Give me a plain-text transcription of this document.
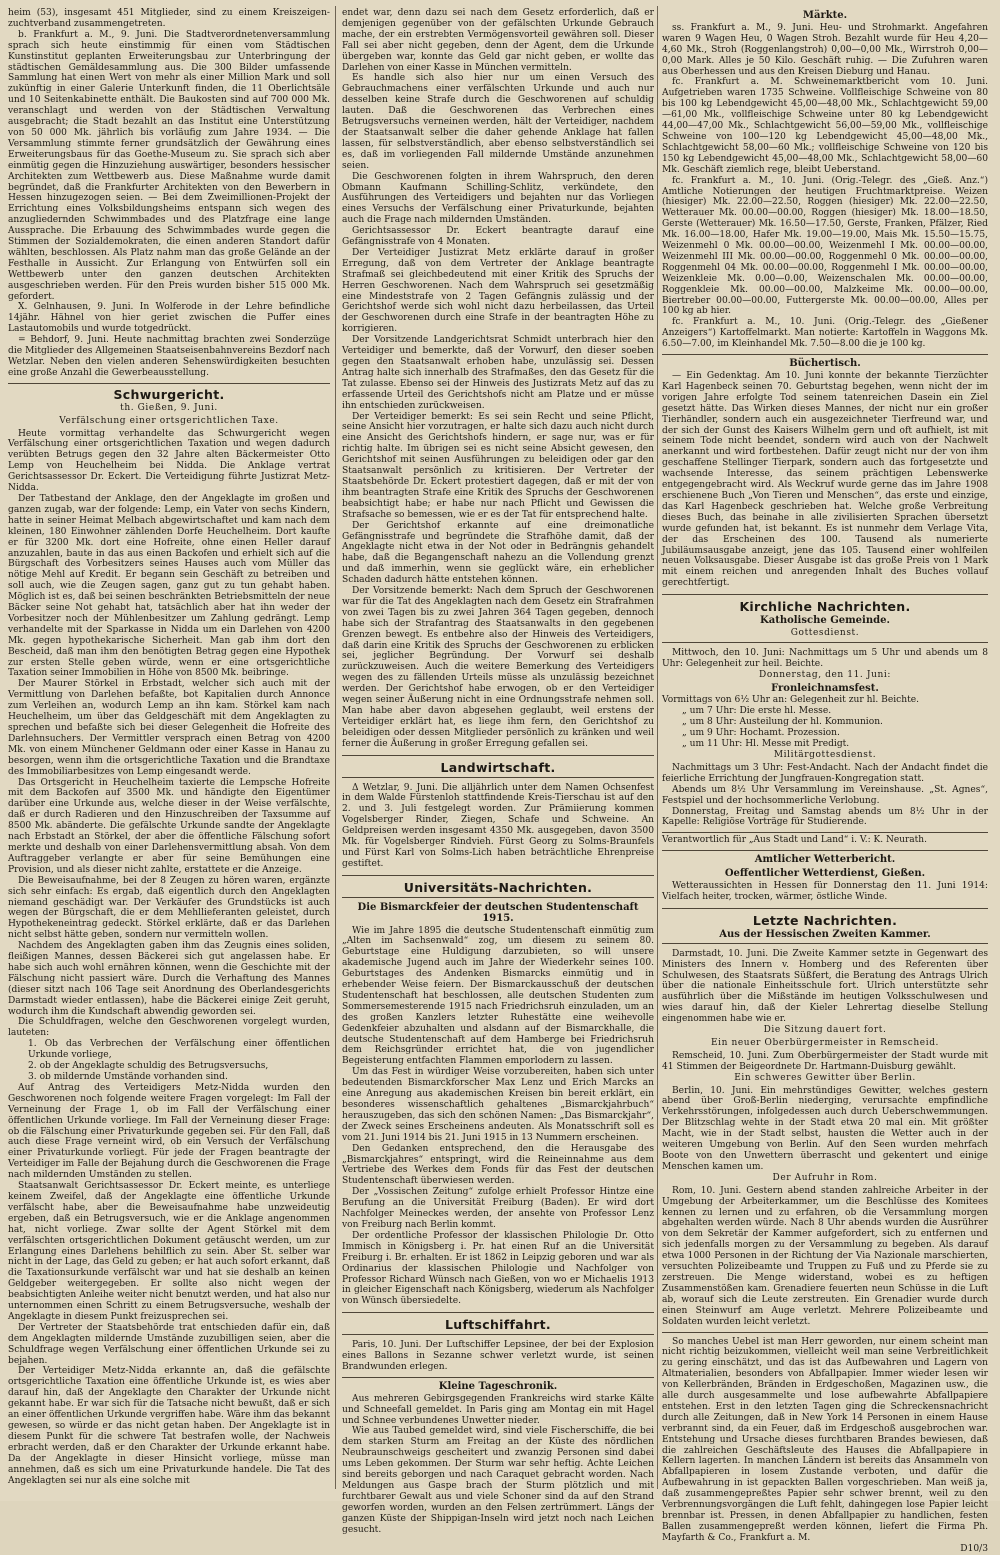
heim (53), insgesamt 451 Mitglieder, sind zu einem Kreiszeigen-zuchtverband zusammengetreten.

b. Frankfurt a. M., 9. Juni. Die Stadtverordnetenversammlung sprach sich heute einstimmig für einen vom Städtischen Kunstinstitut geplanten Erweiterungsbau zur Unterbringung der städtischen Gemäldesammlung aus. Die 300 Bilder umfassende Sammlung hat einen Wert von mehr als einer Million Mark und soll zukünftig in einer Galerie Unterkunft finden, die 11 Oberlichtsäle und 10 Seitenkabinette enthält. Die Baukosten sind auf 700 000 Mk. veranschlagt und werden von der Städtischen Verwaltung ausgebracht; die Stadt bezahlt an das Institut eine Unterstützung von 50 000 Mk. jährlich bis vorläufig zum Jahre 1934. — Die Versammlung stimmte ferner grundsätzlich der Gewährung eines Erweiterungsbaus für das Goethe-Museum zu. Sie sprach sich aber einmütig gegen die Hinzuziehung auswärtiger, besonders hessischer Architekten zum Wettbewerb aus. Diese Maßnahme wurde damit begründet, daß die Frankfurter Architekten von den Bewerbern in Hessen hinzugezogen seien. — Bei dem Zweimillionen-Projekt der Errichtung eines Volksbildungsheims entspann sich wegen des anzugliedernden Schwimmbades und des Platzfrage eine lange Aussprache. Die Erbauung des Schwimmbades wurde gegen die Stimmen der Sozialdemokraten, die einen anderen Standort dafür wählten, beschlossen. Als Platz nahm man das große Gelände an der Festhalle in Aussicht. Zur Erlangung von Entwürfen soll ein Wettbewerb unter den ganzen deutschen Architekten ausgeschrieben werden. Für den Preis wurden bisher 515 000 Mk. gefordert.

X. Gelnhausen, 9. Juni. In Wolferode in der Lehre befindliche 14jähr. Hähnel von hier geriet zwischen die Puffer eines Lastautomobils und wurde totgedrückt.

= Behdorf, 9. Juni. Heute nachmittag brachten zwei Sonderzüge die Mitglieder des Allgemeinen Staatseisenbahnvereins Bezdorf nach Wetzlar. Neben den vielen anderen Sehenswürdigkeiten besuchten eine große Anzahl die Gewerbeausstellung.

Schwurgericht.
th. Gießen, 9. Juni.
Verfälschung einer ortsgerichtlichen Taxe.

Heute vormittag verhandelte das Schwurgericht wegen Verfälschung einer ortsgerichtlichen Taxation und wegen dadurch verübten Betrugs gegen den 32 Jahre alten Bäckermeister Otto Lemp von Heuchelheim bei Nidda. Die Anklage vertrat Gerichtsassessor Dr. Eckert. Die Verteidigung führte Justizrat Metz-Nidda.

Der Tatbestand der Anklage, den der Angeklagte im großen und ganzen zugab, war der folgende: Lemp, ein Vater von sechs Kindern, hatte in seiner Heimat Melbach abgewirtschaftet und kam nach dem kleinen, 180 Einwohner zählenden Dorfe Heuchelheim. Dort kaufte er für 3200 Mk. dort eine Hofreite, ohne einen Heller darauf anzuzahlen, baute in das aus einen Backofen und erhielt sich auf die Bürgschaft des Vorbesitzers seines Hauses auch vom Müller das nötige Mehl auf Kredit. Er begann sein Geschäft zu betreiben und soll auch, wie die Zeugen sagen, ganz gut zu tun gehabt haben. Möglich ist es, daß bei seinen beschränkten Betriebsmitteln der neue Bäcker seine Not gehabt hat, tatsächlich aber hat ihn weder der Vorbesitzer noch der Mühlenbesitzer um Zahlung gedrängt. Lemp verhandelte mit der Sparkasse in Nidda um ein Darlehen von 4200 Mk. gegen hypothekarische Sicherheit. Man gab ihm dort den Bescheid, daß man ihm den benötigten Betrag gegen eine Hypothek zur ersten Stelle geben würde, wenn er eine ortsgerichtliche Taxation seiner Immobilien in Höhe von 8500 Mk. beibringe.

Der Maurer Störkel in Erbstadt, welcher sich auch mit der Vermittlung von Darlehen befaßte, bot Kapitalien durch Annonce zum Verleihen an, wodurch Lemp an ihn kam. Störkel kam nach Heuchelheim, um über das Geldgeschäft mit dem Angeklagten zu sprechen und befaßte sich bei dieser Gelegenheit die Hofreite des Darlehnsuchers. Der Vermittler versprach einen Betrag von 4200 Mk. von einem Münchener Geldmann oder einer Kasse in Hanau zu besorgen, wenn ihm die ortsgerichtliche Taxation und die Brandtaxe des Immobiliarbesitzes von Lemp eingesandt werde.

Das Ortsgericht in Heuchelheim taxierte die Lempsche Hofreite mit dem Backofen auf 3500 Mk. und händigte den Eigentümer darüber eine Urkunde aus, welche dieser in der Weise verfälschte, daß er durch Radieren und den Hinzuschreiben der Taxsumme auf 8500 Mk. abänderte. Die gefälschte Urkunde sandte der Angeklagte nach Erbstadt an Störkel, der aber die öffentliche Fälschung sofort merkte und deshalb von einer Darlehensvermittlung absah. Von dem Auftraggeber verlangte er aber für seine Bemühungen eine Provision, und als dieser nicht zahlte, erstattete er die Anzeige.

Die Beweisaufnahme, bei der 8 Zeugen zu hören waren, ergänzte sich sehr einfach: Es ergab, daß eigentlich durch den Angeklagten niemand geschädigt war. Der Verkäufer des Grundstücks ist auch wegen der Bürgschaft, die er dem Mehllieferanten geleistet, durch Hypothekeneintrag gedeckt. Störkel erklärte, daß er das Darlehen nicht selbst hätte geben, sondern nur vermitteln wollen.

Nachdem des Angeklagten gaben ihm das Zeugnis eines soliden, fleißigen Mannes, dessen Bäckerei sich gut angelassen habe. Er habe sich auch wohl ernähren können, wenn die Geschichte mit der Fälschung nicht passiert wäre. Durch die Verhaftung des Mannes (dieser sitzt nach 106 Tage seit Anordnung des Oberlandesgerichts Darmstadt wieder entlassen), habe die Bäckerei einige Zeit geruht, wodurch ihm die Kundschaft abwendig geworden sei.

Die Schuldfragen, welche den Geschworenen vorgelegt wurden, lauteten:

1. Ob das Verbrechen der Verfälschung einer öffentlichen Urkunde vorliege,

2. ob der Angeklagte schuldig des Betrugsversuchs,

3. ob mildernde Umstände vorhanden sind.

Auf Antrag des Verteidigers Metz-Nidda wurden den Geschworenen noch folgende weitere Fragen vorgelegt: Im Fall der Verneinung der Frage 1, ob im Fall der Verfälschung einer öffentlichen Urkunde vorliege. Im Fall der Verneinung dieser Frage: ob die Fälschung einer Privaturkunde gegeben sei. Für den Fall, daß auch diese Frage verneint wird, ob ein Versuch der Verfälschung einer Privaturkunde vorliegt. Für jede der Fragen beantragte der Verteidiger im Falle der Bejahung durch die Geschworenen die Frage nach mildernden Umständen zu stellen.

Staatsanwalt Gerichtsassessor Dr. Eckert meinte, es unterliege keinem Zweifel, daß der Angeklagte eine öffentliche Urkunde verfälscht habe, aber die Beweisaufnahme habe unzweideutig ergeben, daß ein Betrugsversuch, wie er die Anklage angenommen hat, nicht vorliege. Zwar sollte der Agent Störkel mit dem verfälschten ortsgerichtlichen Dokument getäuscht werden, um zur Erlangung eines Darlehens behilflich zu sein. Aber St. selber war nicht in der Lage, das Geld zu geben; er hat auch sofort erkannt, daß die Taxationsurkunde verfälscht war und hat sie deshalb an keinen Geldgeber weitergegeben. Er sollte also nicht wegen der beabsichtigten Anleihe weiter nicht benutzt werden, und hat also nur unternommen einen Schritt zu einem Betrugsversuche, weshalb der Angeklagte in diesem Punkt freizusprechen sei.

Der Vertreter der Staatsbehörde trat entschieden dafür ein, daß dem Angeklagten mildernde Umstände zuzubilligen seien, aber die Schuldfrage wegen Verfälschung einer öffentlichen Urkunde sei zu bejahen.

Der Verteidiger Metz-Nidda erkannte an, daß die gefälschte ortsgerichtliche Taxation eine öffentliche Urkunde ist, es wies aber darauf hin, daß der Angeklagte den Charakter der Urkunde nicht gekannt habe. Er war sich für die Tatsache nicht bewußt, daß er sich an einer öffentlichen Urkunde vergriffen habe. Wäre ihm das bekannt gewesen, so würde er das nicht getan haben. Der Angeklagte ist in diesem Punkt für die schwere Tat bestrafen wolle, der Nachweis erbracht werden, daß er den Charakter der Urkunde erkannt habe. Da der Angeklagte in dieser Hinsicht vorliege, müsse man annehmen, daß es sich um eine Privaturkunde handele. Die Tat des Angeklagten sei nur als eine solche mit

endet war, denn dazu sei nach dem Gesetz erforderlich, daß er demjenigen gegenüber von der gefälschten Urkunde Gebrauch mache, der ein erstrebten Vermögensvorteil gewähren soll. Dieser Fall sei aber nicht gegeben, denn der Agent, dem die Urkunde übergeben war, konnte das Geld gar nicht geben, er wollte das Darlehen von einer Kasse in München vermitteln.

Es handle sich also hier nur um einen Versuch des Gebrauchmachens einer verfälschten Urkunde und auch nur desselben keine Strafe durch die Geschworenen auf schuldig lauten. Daß die Geschworenen das Verbrechen eines Betrugsversuchs verneinen werden, hält der Verteidiger, nachdem der Staatsanwalt selber die daher gehende Anklage hat fallen lassen, für selbstverständlich, aber ebenso selbstverständlich sei es, daß im vorliegenden Fall mildernde Umstände anzunehmen seien.

Die Geschworenen folgten in ihrem Wahrspruch, den deren Obmann Kaufmann Schilling-Schlitz, verkündete, den Ausführungen des Verteidigers und bejahten nur das Vorliegen eines Versuchs der Verfälschung einer Privaturkunde, bejahten auch die Frage nach mildernden Umständen.

Gerichtsassessor Dr. Eckert beantragte darauf eine Gefängnisstrafe von 4 Monaten.

Der Verteidiger Justizrat Metz erklärte darauf in großer Erregung, daß von dem Vertreter der Anklage beantragte Strafmaß sei gleichbedeutend mit einer Kritik des Spruchs der Herren Geschworenen. Nach dem Wahrspruch sei gesetzmäßig eine Mindeststrafe von 2 Tagen Gefängnis zulässig und der Gerichtshof werde sich wohl nicht dazu herbeilassen, das Urteil der Geschworenen durch eine Strafe in der beantragten Höhe zu korrigieren.

Der Vorsitzende Landgerichtsrat Schmidt unterbrach hier den Verteidiger und bemerkte, daß der Vorwurf, den dieser soeben gegen den Staatsanwalt erhoben habe, unzulässig sei. Dessen Antrag halte sich innerhalb des Strafmaßes, den das Gesetz für die Tat zulasse. Ebenso sei der Hinweis des Justizrats Metz auf das zu erfassende Urteil des Gerichtshofs nicht am Platze und er müsse ihn entschieden zurückweisen.

Der Verteidiger bemerkt: Es sei sein Recht und seine Pflicht, seine Ansicht hier vorzutragen, er halte sich dazu auch nicht durch eine Ansicht des Gerichtshofs hindern, er sage nur, was er für richtig halte. Im übrigen sei es nicht seine Absicht gewesen, den Gerichtshof mit seinen Ausführungen zu beleidigen oder gar den Staatsanwalt persönlich zu kritisieren. Der Vertreter der Staatsbehörde Dr. Eckert protestiert dagegen, daß er mit der von ihm beantragten Strafe eine Kritik des Spruchs der Geschworenen beabsichtigt habe; er habe nur nach Pflicht und Gewissen die Strafsache so bemessen, wie er es der Tat für entsprechend halte.

Der Gerichtshof erkannte auf eine dreimonatliche Gefängnisstrafe und begründete die Strafhöhe damit, daß der Angeklagte nicht etwa in der Not oder in Bedrängnis gehandelt habe, daß die Begangenschaft nahezu an die Vollendung grenzt und daß immerhin, wenn sie geglückt wäre, ein erheblicher Schaden dadurch hätte entstehen können.

Der Vorsitzende bemerkt: Nach dem Spruch der Geschworenen war für die Tat des Angeklagten nach dem Gesetz ein Strafrahmen von zwei Tagen bis zu zwei Jahren 364 Tagen gegeben, dennoch habe sich der Strafantrag des Staatsanwalts in den gegebenen Grenzen bewegt. Es entbehre also der Hinweis des Verteidigers, daß darin eine Kritik des Spruchs der Geschworenen zu erblicken sei, jeglicher Begründung. Der Vorwurf sei deshalb zurückzuweisen. Auch die weitere Bemerkung des Verteidigers wegen des zu fällenden Urteils müsse als unzulässig bezeichnet werden. Der Gerichtshof habe erwogen, ob er den Verteidiger wegen seiner Äußerung nicht in eine Ordnungsstrafe nehmen soll. Man habe aber davon abgesehen geglaubt, weil erstens der Verteidiger erklärt hat, es liege ihm fern, den Gerichtshof zu beleidigen oder dessen Mitglieder persönlich zu kränken und weil ferner die Äußerung in großer Erregung gefallen sei.

Landwirtschaft.

Δ Wetzlar, 9. Juni. Die alljährlich unter dem Namen Ochsenfest in dem Walde Fürstenloh stattfindende Kreis-Tierschau ist auf den 2. und 3. Juli festgelegt worden. Zur Prämiierung kommen Vogelsberger Rinder, Ziegen, Schafe und Schweine. An Geldpreisen werden insgesamt 4350 Mk. ausgegeben, davon 3500 Mk. für Vogelsberger Rindvieh. Fürst Georg zu Solms-Braunfels und Fürst Karl von Solms-Lich haben beträchtliche Ehrenpreise gestiftet.

Universitäts-Nachrichten.
Die Bismarckfeier der deutschen Studentenschaft 1915.

Wie im Jahre 1895 die deutsche Studentenschaft einmütig zum „Alten im Sachsenwald“ zog, um diesem zu seinem 80. Geburtstage eine Huldigung darzubieten, so will unsere akademische Jugend auch im Jahre der Wiederkehr seines 100. Geburtstages des Andenken Bismarcks einmütig und in erhebender Weise feiern. Der Bismarckausschuß der deutschen Studentenschaft hat beschlossen, alle deutschen Studenten zum Sommersemesterende 1915 nach Friedrichsruh einzuladen, um an des großen Kanzlers letzter Ruhestätte eine weihevolle Gedenkfeier abzuhalten und alsdann auf der Bismarckhalle, die deutsche Studentenschaft auf dem Hamberge bei Friedrichsruh dem Reichsgründer errichtet hat, die von jugendlicher Begeisterung entfachten Flammen emporlodern zu lassen.

Um das Fest in würdiger Weise vorzubereiten, haben sich unter bedeutenden Bismarckforscher Max Lenz und Erich Marcks an eine Anregung aus akademischen Kreisen bin bereit erklärt, ein besonderes wissenschaftlich gehaltenes „Bismarckjahrbuch“ herauszugeben, das sich den schönen Namen: „Das Bismarckjahr“, der Zweck seines Erscheinens andeuten. Als Monatsschrift soll es vom 21. Juni 1914 bis 21. Juni 1915 in 13 Nummern erscheinen.

Den Gedanken entsprechend, den die Herausgabe des „Bismarckjahres“ entspringt, wird die Reineinnahme aus dem Vertriebe des Werkes dem Fonds für das Fest der deutschen Studentenschaft überwiesen werden.

Der „Vossischen Zeitung“ zufolge erhielt Professor Hintze eine Berufung an die Universität Freiburg (Baden). Er wird dort Nachfolger Meineckes werden, der ansehte von Professor Lenz von Freiburg nach Berlin kommt.

Der ordentliche Professor der klassischen Philologie Dr. Otto Immisch in Königsberg i. Pr. hat einen Ruf an die Universität Freiburg i. Br. erhalten. Er ist 1862 in Leipzig geboren und war als Ordinarius der klassischen Philologie und Nachfolger von Professor Richard Wünsch nach Gießen, von wo er Michaelis 1913 in gleicher Eigenschaft nach Königsberg, wiederum als Nachfolger von Wünsch übersiedelte.

Luftschiffahrt.

Paris, 10. Juni. Der Luftschiffer Lepsinee, der bei der Explosion eines Ballons in Sezanne schwer verletzt wurde, ist seinen Brandwunden erlegen.

Kleine Tageschronik.

Aus mehreren Gebirgsgegenden Frankreichs wird starke Kälte und Schneefall gemeldet. In Paris ging am Montag ein mit Hagel und Schnee verbundenes Unwetter nieder.

Wie aus Taubed gemeldet wird, sind viele Fischerschiffe, die bei dem starken Sturm am Freitag an der Küste des nördlichen Neubraunschweigs gescheitert und zwanzig Personen sind dabei ums Leben gekommen. Der Sturm war sehr heftig. Achte Leichen sind bereits geborgen und nach Caraquet gebracht worden. Nach Meldungen aus Gaspe brach der Sturm plötzlich und mit furchtbarer Gewalt aus und viele Schoner sind da auf den Strand geworfen worden, wurden an den Felsen zertrümmert. Längs der ganzen Küste der Shippigan-Inseln wird jetzt noch nach Leichen gesucht.

Märkte.

ss. Frankfurt a. M., 9. Juni. Heu- und Strohmarkt. Angefahren waren 9 Wagen Heu, 0 Wagen Stroh. Bezahlt wurde für Heu 4,20—4,60 Mk., Stroh (Roggenlangstroh) 0,00—0,00 Mk., Wirrstroh 0,00—0,00 Mark. Alles je 50 Kilo. Geschäft ruhig. — Die Zufuhren waren aus Oberhessen und aus den Kreisen Dieburg und Hanau.

fc. Frankfurt a. M. Schweinemarktbericht vom 10. Juni. Aufgetrieben waren 1735 Schweine. Vollfleischige Schweine von 80 bis 100 kg Lebendgewicht 45,00—48,00 Mk., Schlachtgewicht 59,00—61,00 Mk., vollfleischige Schweine unter 80 kg Lebendgewicht 44,00—47,00 Mk., Schlachtgewicht 56,00—59,00 Mk., vollfleischige Schweine von 100—120 kg Lebendgewicht 45,00—48,00 Mk., Schlachtgewicht 58,00—60 Mk.; vollfleischige Schweine von 120 bis 150 kg Lebendgewicht 45,00—48,00 Mk., Schlachtgewicht 58,00—60 Mk. Geschäft ziemlich rege, bleibt Ueberstand.

fc. Frankfurt a. M., 10. Juni. (Orig.-Telegr. des „Gieß. Anz.“) Amtliche Notierungen der heutigen Fruchtmarktpreise. Weizen (hiesiger) Mk. 22.00—22.50, Roggen (hiesiger) Mk. 22.00—22.50, Wetterauer Mk. 00.00—00.00, Roggen (hiesiger) Mk. 18.00—18.50, Gerste (Wetterauer) Mk. 16.50—17.50, Gerste, Franken, Pfälzer, Ried Mk. 16.00—18.00, Hafer Mk. 19.00—19.00, Mais Mk. 15.50—15.75, Weizenmehl 0 Mk. 00.00—00.00, Weizenmehl I Mk. 00.00—00.00, Weizenmehl III Mk. 00.00—00.00, Roggenmehl 0 Mk. 00.00—00.00, Roggenmehl 04 Mk. 00.00—00.00, Roggenmehl I Mk. 00.00—00.00, Weizenkleie Mk. 0.00—0.00, Weizenschalen Mk. 00.00—00.00, Roggenkleie Mk. 00.00—00.00, Malzkeime Mk. 00.00—00.00, Biertreber 00.00—00.00, Futtergerste Mk. 00.00—00.00, Alles per 100 kg ab hier.

fc. Frankfurt a. M., 10. Juni. (Orig.-Telegr. des „Gießener Anzeigers“) Kartoffelmarkt. Man notierte: Kartoffeln in Waggons Mk. 6.50—7.00, im Kleinhandel Mk. 7.50—8.00 die je 100 kg.

Büchertisch.

— Ein Gedenktag. Am 10. Juni konnte der bekannte Tierzüchter Karl Hagenbeck seinen 70. Geburtstag begehen, wenn nicht der im vorigen Jahre erfolgte Tod seinem tatenreichen Dasein ein Ziel gesetzt hätte. Das Wirken dieses Mannes, der nicht nur ein großer Tierhändler, sondern auch ein ausgezeichneter Tierfreund war, und der sich der Gunst des Kaisers Wilhelm gern und oft aufhielt, ist mit seinem Tode nicht beendet, sondern wird auch von der Nachwelt anerkannt und wird fortbestehen. Dafür zeugt nicht nur der von ihm geschaffene Stellinger Tierpark, sondern auch das fortgesetzte und wachsende Interesse, das seinem prächtigen Lebenswerke entgegengebracht wird. Als Weckruf wurde gerne das im Jahre 1908 erschienene Buch „Von Tieren und Menschen“, das erste und einzige, das Karl Hagenbeck geschrieben hat. Welche große Verbreitung dieses Buch, das beinahe in alle zivilisierten Sprachen übersetzt wurde gefunden hat, ist bekannt. Es ist nunmehr dem Verlage Vita, der das Erscheinen des 100. Tausend als numerierte Jubiläumsausgabe anzeigt, jene das 105. Tausend einer wohlfeilen neuen Volksausgabe. Dieser Ausgabe ist das große Preis von 1 Mark mit einem reichen und anregenden Inhalt des Buches vollauf gerechtfertigt.

Kirchliche Nachrichten.
Katholische Gemeinde.
Gottesdienst.

Mittwoch, den 10. Juni: Nachmittags um 5 Uhr und abends um 8 Uhr: Gelegenheit zur heil. Beichte.

Donnerstag, den 11. Juni:
Fronleichnamsfest.

Vormittags von 6½ Uhr an: Gelegenheit zur hl. Beichte.

„ um 7 Uhr: Die erste hl. Messe.

„ um 8 Uhr: Austeilung der hl. Kommunion.

„ um 9 Uhr: Hochamt. Prozession.

„ um 11 Uhr: Hl. Messe mit Predigt.

Militärgottesdienst.

Nachmittags um 3 Uhr: Fest-Andacht. Nach der Andacht findet die feierliche Errichtung der Jungfrauen-Kongregation statt.

Abends um 8½ Uhr Versammlung im Vereinshause. „St. Agnes“, Festspiel und der hochsommerliche Verlobung.

Donnerstag, Freitag und Samstag abends um 8½ Uhr in der Kapelle: Religiöse Vorträge für Studierende.

Verantwortlich für „Aus Stadt und Land“ i. V.: K. Neurath.
Amtlicher Wetterbericht.
Oeffentlicher Wetterdienst, Gießen.

Wetteraussichten in Hessen für Donnerstag den 11. Juni 1914: Vielfach heiter, trocken, wärmer, östliche Winde.

Letzte Nachrichten.
Aus der Hessischen Zweiten Kammer.

Darmstadt, 10. Juni. Die Zweite Kammer setzte in Gegenwart des Ministers des Innern v. Homberg und des Referenten über Schulwesen, des Staatsrats Süßfert, die Beratung des Antrags Ulrich über die nationale Einheitsschule fort. Ulrich unterstützte sehr ausführlich über die Mißstände im heutigen Volksschulwesen und wies darauf hin, daß der Kieler Lehrertag dieselbe Stellung eingenommen habe wie er.

Die Sitzung dauert fort.
Ein neuer Oberbürgermeister in Remscheid.

Remscheid, 10. Juni. Zum Oberbürgermeister der Stadt wurde mit 41 Stimmen der Beigeordnete Dr. Hartmann-Duisburg gewählt.

Ein schweres Gewitter über Berlin.

Berlin, 10. Juni. Ein mehrstündiges Gewitter, welches gestern abend über Groß-Berlin niederging, verursachte empfindliche Verkehrsstörungen, infolgedessen auch durch Ueberschwemmungen. Der Blitzschlag wehte in der Stadt etwa 20 mal ein. Mit größter Macht, wie in der Stadt selbst, hausten die Wetter auch in der weiteren Umgebung von Berlin. Auf den Seen wurden mehrfach Boote von den Unwettern überrascht und gekentert und einige Menschen kamen um.

Der Aufruhr in Rom.

Rom, 10. Juni. Gestern abend standen zahlreiche Arbeiter in der Umgebung der Arbeiterkammer, um die Beschlüsse des Komitees kennen zu lernen und zu erfahren, ob die Versammlung morgen abgehalten werden würde. Nach 8 Uhr abends wurden die Ausrührer von dem Sekretär der Kammer aufgefordert, sich zu entfernen und sich jedenfalls morgen zu der Versammlung zu begeben. Als darauf etwa 1000 Personen in der Richtung der Via Nazionale marschierten, versuchten Polizeibeamte und Truppen zu Fuß und zu Pferde sie zu zerstreuen. Die Menge widerstand, wobei es zu heftigen Zusammenstößen kam. Grenadiere feuerten neun Schüsse in die Luft ab, worauf sich die Leute zerstreuten. Ein Grenadier wurde durch einen Steinwurf am Auge verletzt. Mehrere Polizeibeamte und Soldaten wurden leicht verletzt.

So manches Uebel ist man Herr geworden, nur einem scheint man nicht richtig beizukommen, vielleicht weil man seine Verbreitlichkeit zu gering einschätzt, und das ist das Aufbewahren und Lagern von Altmaterialien, besonders von Abfallpapier. Immer wieder lesen wir von Kellerbränden, Bränden in Erdgeschoßen, Magazinen usw., die alle durch ausgesammelte und lose aufbewahrte Abfallpapiere entstehen. Erst in den letzten Tagen ging die Schreckensnachricht durch alle Zeitungen, daß in New York 14 Personen in einem Hause verbrannt sind, da ein Feuer, daß im Erdgeschoß ausgebrochen war. Entstehung und Ursache dieses furchtbaren Brandes bewiesen, daß die zahlreichen Geschäftsleute des Hauses die Abfallpapiere in Kellern lagerten. In manchen Ländern ist bereits das Ansammeln von Abfallpapieren in losem Zustande verboten, und dafür die Aufbewahrung in ist gepackten Ballen vorgeschrieben. Man weiß ja, daß zusammengepreßtes Papier sehr schwer brennt, weil zu den Verbrennungsvorgängen die Luft fehlt, dahingegen lose Papier leicht brennbar ist. Pressen, in denen Abfallpapier zu handlichen, festen Ballen zusammengepreßt werden können, liefert die Firma Ph. Mayfarth & Co., Frankfurt a. M.

D10/3
